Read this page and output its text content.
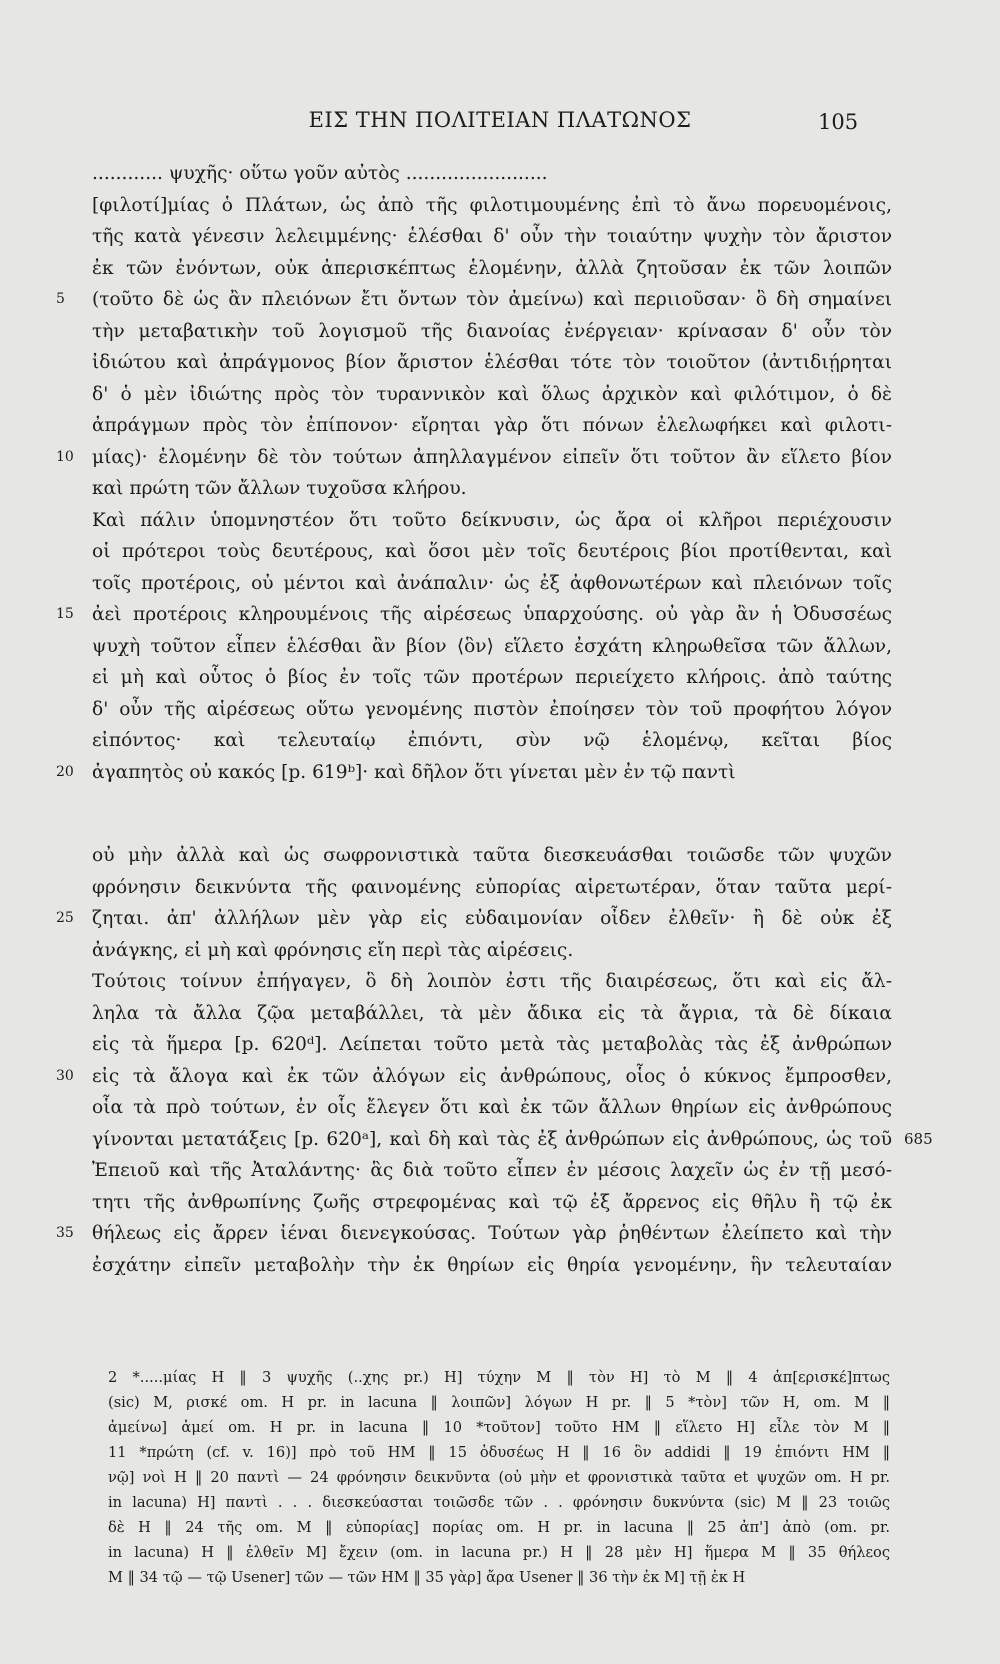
ΕΙΣ ΤΗΝ ΠΟΛΙΤΕΙΑΝ ΠΛΑΤΩΝΟΣ	105
............ ψυχῆς· οὕτω γοῦν αὐτὸς ........................
[φιλοτί]μίας ὁ Πλάτων, ὡς ἀπὸ τῆς φιλοτιμουμένης ἐπὶ τὸ ἄνω πορευομένοις,
τῆς κατὰ γένεσιν λελειμμένης· ἑλέσθαι δ' οὖν τὴν τοιαύτην ψυχὴν τὸν ἄριστον
ἐκ τῶν ἐνόντων, οὐκ ἀπερισκέπτως ἑλομένην, ἀλλὰ ζητοῦσαν ἐκ τῶν λοιπῶν
5	(τοῦτο δὲ ὡς ἂν πλειόνων ἔτι ὄντων τὸν ἀμείνω) καὶ περιιοῦσαν· ὃ δὴ σημαίνει
τὴν μεταβατικὴν τοῦ λογισμοῦ τῆς διανοίας ἐνέργειαν· κρίνασαν δ' οὖν τὸν
ἰδιώτου καὶ ἀπράγμονος βίον ἄριστον ἑλέσθαι τότε τὸν τοιοῦτον (ἀντιδιῄρηται
δ' ὁ μὲν ἰδιώτης πρὸς τὸν τυραννικὸν καὶ ὅλως ἀρχικὸν καὶ φιλότιμον, ὁ δὲ
ἀπράγμων πρὸς τὸν ἐπίπονον· εἴρηται γὰρ ὅτι πόνων ἐλελωφήκει καὶ φιλοτι-
10 μίας)· ἑλομένην δὲ τὸν τούτων ἀπηλλαγμένον εἰπεῖν ὅτι τοῦτον ἂν εἵλετο βίον
καὶ πρώτη τῶν ἄλλων τυχοῦσα κλήρου.
Καὶ πάλιν ὑπομνηστέον ὅτι τοῦτο δείκνυσιν, ὡς ἄρα οἱ κλῆροι περιέχουσιν
οἱ πρότεροι τοὺς δευτέρους, καὶ ὅσοι μὲν τοῖς δευτέροις βίοι προτίθενται, καὶ
τοῖς προτέροις, οὐ μέντοι καὶ ἀνάπαλιν· ὡς ἐξ ἀφθονωτέρων καὶ πλειόνων τοῖς
15 ἀεὶ προτέροις κληρουμένοις τῆς αἱρέσεως ὑπαρχούσης. οὐ γὰρ ἂν ἡ Ὀδυσσέως
ψυχὴ τοῦτον εἶπεν ἑλέσθαι ἂν βίον ⟨ὃν⟩ εἵλετο ἐσχάτη κληρωθεῖσα τῶν ἄλλων,
εἰ μὴ καὶ οὗτος ὁ βίος ἐν τοῖς τῶν προτέρων περιείχετο κλήροις. ἀπὸ ταύτης
δ' οὖν τῆς αἱρέσεως οὕτω γενομένης πιστὸν ἐποίησεν τὸν τοῦ προφήτου λόγον
εἰπόντος· καὶ τελευταίῳ ἐπιόντι, σὺν νῷ ἑλομένῳ, κεῖται βίος
20 ἀγαπητὸς οὐ κακός [p. 619ᵇ]· καὶ δῆλον ὅτι γίνεται μὲν ἐν τῷ παντὶ
οὐ μὴν ἀλλὰ καὶ ὡς σωφρονιστικὰ ταῦτα διεσκευάσθαι τοιῶσδε τῶν ψυχῶν
φρόνησιν δεικνύντα τῆς φαινομένης εὐπορίας αἱρετωτέραν, ὅταν ταῦτα μερί-
25 ζηται. ἀπ' ἀλλήλων μὲν γὰρ εἰς εὐδαιμονίαν οἶδεν ἐλθεῖν· ἢ δὲ οὐκ ἐξ
ἀνάγκης, εἰ μὴ καὶ φρόνησις εἴη περὶ τὰς αἱρέσεις.
Τούτοις τοίνυν ἐπήγαγεν, ὃ δὴ λοιπὸν ἐστι τῆς διαιρέσεως, ὅτι καὶ εἰς ἄλ-
ληλα τὰ ἄλλα ζῷα μεταβάλλει, τὰ μὲν ἄδικα εἰς τὰ ἄγρια, τὰ δὲ δίκαια
εἰς τὰ ἥμερα [p. 620ᵈ]. Λείπεται τοῦτο μετὰ τὰς μεταβολὰς τὰς ἐξ ἀνθρώπων
30 εἰς τὰ ἄλογα καὶ ἐκ τῶν ἀλόγων εἰς ἀνθρώπους, οἷος ὁ κύκνος ἔμπροσθεν,
οἷα τὰ πρὸ τούτων, ἐν οἷς ἔλεγεν ὅτι καὶ ἐκ τῶν ἄλλων θηρίων εἰς ἀνθρώπους
γίνονται μετατάξεις [p. 620ᵃ], καὶ δὴ καὶ τὰς ἐξ ἀνθρώπων εἰς ἀνθρώπους, ὡς τοῦ 685
Ἐπειοῦ καὶ τῆς Ἀταλάντης· ἃς διὰ τοῦτο εἶπεν ἐν μέσοις λαχεῖν ὡς ἐν τῇ μεσό-
τητι τῆς ἀνθρωπίνης ζωῆς στρεφομένας καὶ τῷ ἐξ ἄρρενος εἰς θῆλυ ἢ τῷ ἐκ
35 θήλεως εἰς ἄρρεν ἰέναι διενεγκούσας. Τούτων γὰρ ῥηθέντων ἐλείπετο καὶ τὴν
ἐσχάτην εἰπεῖν μεταβολὴν τὴν ἐκ θηρίων εἰς θηρία γενομένην, ἣν τελευταίαν
2 *.....μίας H ‖ 3 ψυχῆς (..χης pr.) H] τύχην M ‖ τὸν H] τὸ M ‖ 4 ἀπ[ερισκέ]πτως
(sic) M, ρισκέ om. H pr. in lacuna ‖ λοιπῶν] λόγων H pr. ‖ 5 *τὸν] τῶν H, om. M ‖
ἀμείνω] ἀμεί om. H pr. in lacuna ‖ 10 *τοῦτον] τοῦτο HM ‖ εἵλετο H] εἶλε τὸν M ‖
11 *πρώτη (cf. v. 16)] πρὸ τοῦ HM ‖ 15 ὀδυσέως H ‖ 16 ὃν addidi ‖ 19 ἐπιόντι HM ‖
νῷ] νοὶ H ‖ 20 παντὶ — 24 φρόνησιν δεικνῦντα (οὐ μὴν et φρονιστικὰ ταῦτα et ψυχῶν om. H pr.
in lacuna) H] παντὶ . . . διεσκεύασται τοιῶσδε τῶν . . φρόνησιν δυκνύντα (sic) M ‖ 23 τοιῶς
δὲ H ‖ 24 τῆς om. M ‖ εὐπορίας] πορίας om. H pr. in lacuna ‖ 25 ἀπ'] ἀπὸ (om. pr.
in lacuna) H ‖ ἐλθεῖν M] ἔχειν (om. in lacuna pr.) H ‖ 28 μὲν H] ἥμερα M ‖ 35 θήλεος
M ‖ 34 τῷ — τῷ Usener] τῶν — τῶν HM ‖ 35 γὰρ] ἄρα Usener ‖ 36 τὴν ἐκ M] τῇ ἐκ H
